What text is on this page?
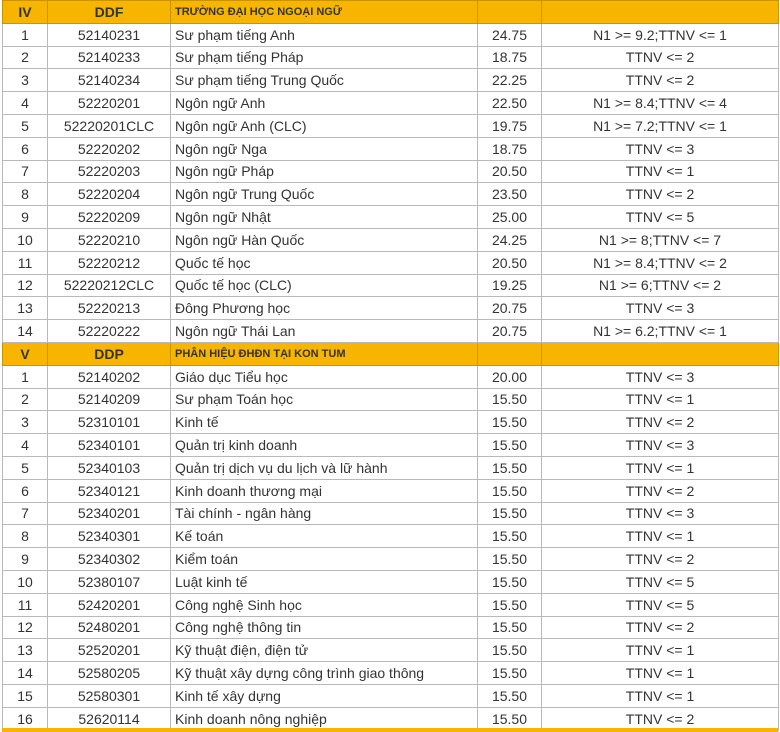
IV	DDF	TRƯỜNG ĐẠI HỌC NGOẠI NGỮ		
1	52140231	Sư phạm tiếng Anh	24.75	N1 >= 9.2;TTNV <= 1
2	52140233	Sư phạm tiếng Pháp	18.75	TTNV <= 2
3	52140234	Sư phạm tiếng Trung Quốc	22.25	TTNV <= 2
4	52220201	Ngôn ngữ Anh	22.50	N1 >= 8.4;TTNV <= 4
5	52220201CLC	Ngôn ngữ Anh (CLC)	19.75	N1 >= 7.2;TTNV <= 1
6	52220202	Ngôn ngữ Nga	18.75	TTNV <= 3
7	52220203	Ngôn ngữ Pháp	20.50	TTNV <= 1
8	52220204	Ngôn ngữ Trung Quốc	23.50	TTNV <= 2
9	52220209	Ngôn ngữ Nhật	25.00	TTNV <= 5
10	52220210	Ngôn ngữ Hàn Quốc	24.25	N1 >= 8;TTNV <= 7
11	52220212	Quốc tế học	20.50	N1 >= 8.4;TTNV <= 2
12	52220212CLC	Quốc tế học (CLC)	19.25	N1 >= 6;TTNV <= 2
13	52220213	Đông Phương học	20.75	TTNV <= 3
14	52220222	Ngôn ngữ Thái Lan	20.75	N1 >= 6.2;TTNV <= 1
V	DDP	PHÂN HIỆU ĐHĐN TẠI KON TUM		
1	52140202	Giáo dục Tiểu học	20.00	TTNV <= 3
2	52140209	Sư phạm Toán học	15.50	TTNV <= 1
3	52310101	Kinh tế	15.50	TTNV <= 2
4	52340101	Quản trị kinh doanh	15.50	TTNV <= 3
5	52340103	Quản trị dịch vụ du lịch và lữ hành	15.50	TTNV <= 1
6	52340121	Kinh doanh thương mại	15.50	TTNV <= 2
7	52340201	Tài chính - ngân hàng	15.50	TTNV <= 3
8	52340301	Kế toán	15.50	TTNV <= 1
9	52340302	Kiểm toán	15.50	TTNV <= 2
10	52380107	Luật kinh tế	15.50	TTNV <= 5
11	52420201	Công nghệ Sinh học	15.50	TTNV <= 5
12	52480201	Công nghệ thông tin	15.50	TTNV <= 2
13	52520201	Kỹ thuật điện, điện tử	15.50	TTNV <= 1
14	52580205	Kỹ thuật xây dựng công trình giao thông	15.50	TTNV <= 1
15	52580301	Kinh tế xây dựng	15.50	TTNV <= 1
16	52620114	Kinh doanh nông nghiệp	15.50	TTNV <= 2
